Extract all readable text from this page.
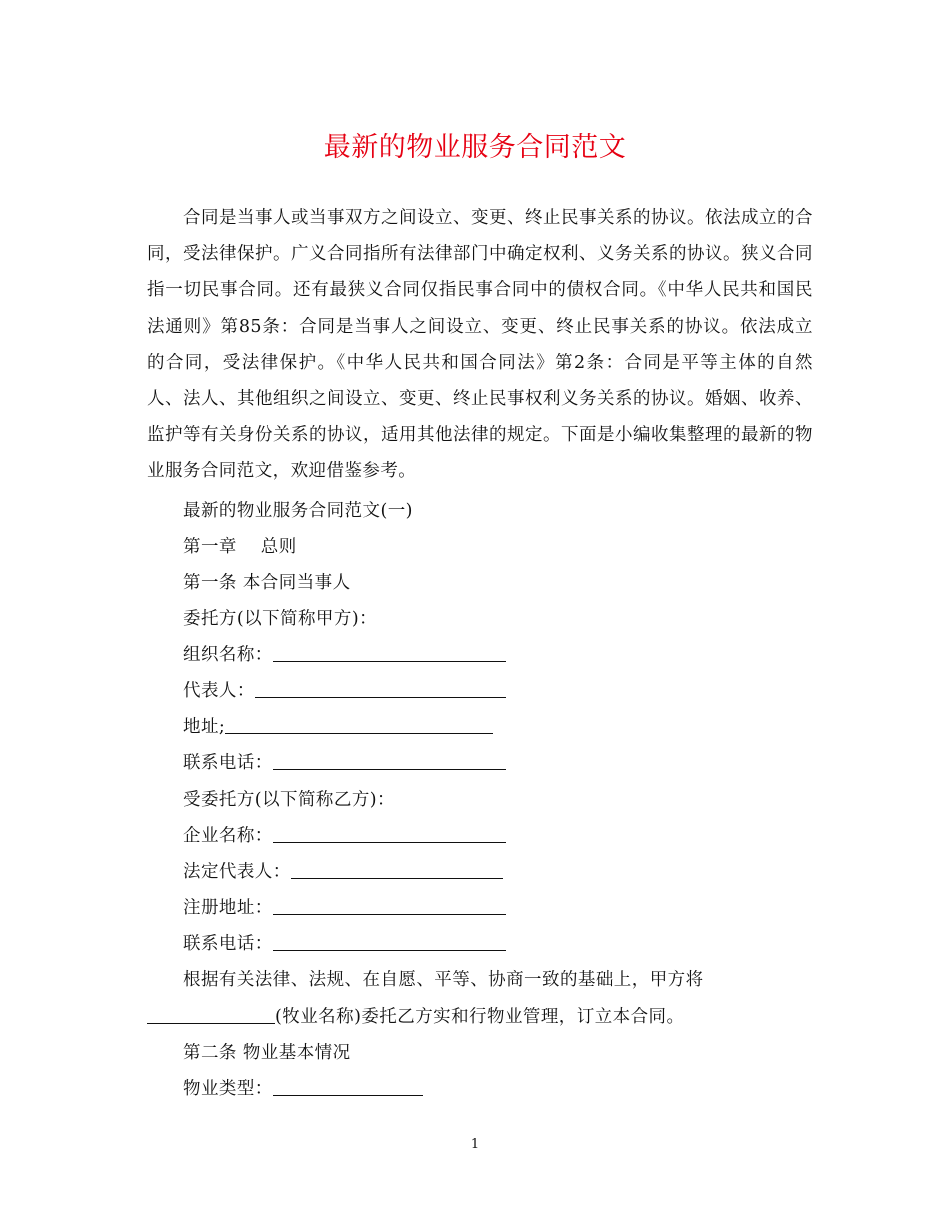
最新的物业服务合同范文

合同是当事人或当事双方之间设立、变更、终止民事关系的协议。依法成立的合同，受法律保护。广义合同指所有法律部门中确定权利、义务关系的协议。狭义合同指一切民事合同。还有最狭义合同仅指民事合同中的债权合同。《中华人民共和国民法通则》第85条：合同是当事人之间设立、变更、终止民事关系的协议。依法成立的合同，受法律保护。《中华人民共和国合同法》第2条：合同是平等主体的自然人、法人、其他组织之间设立、变更、终止民事权利义务关系的协议。婚姻、收养、监护等有关身份关系的协议，适用其他法律的规定。下面是小编收集整理的最新的物业服务合同范文，欢迎借鉴参考。

最新的物业服务合同范文(一)
第一章　 总则
第一条 本合同当事人
委托方(以下简称甲方)：
组织名称：
代表人：
地址;
联系电话：
受委托方(以下简称乙方)：
企业名称：
法定代表人：
注册地址：
联系电话：
根据有关法律、法规、在自愿、平等、协商一致的基础上，甲方将
(牧业名称)委托乙方实和行物业管理，订立本合同。
第二条 物业基本情况
物业类型：
1
